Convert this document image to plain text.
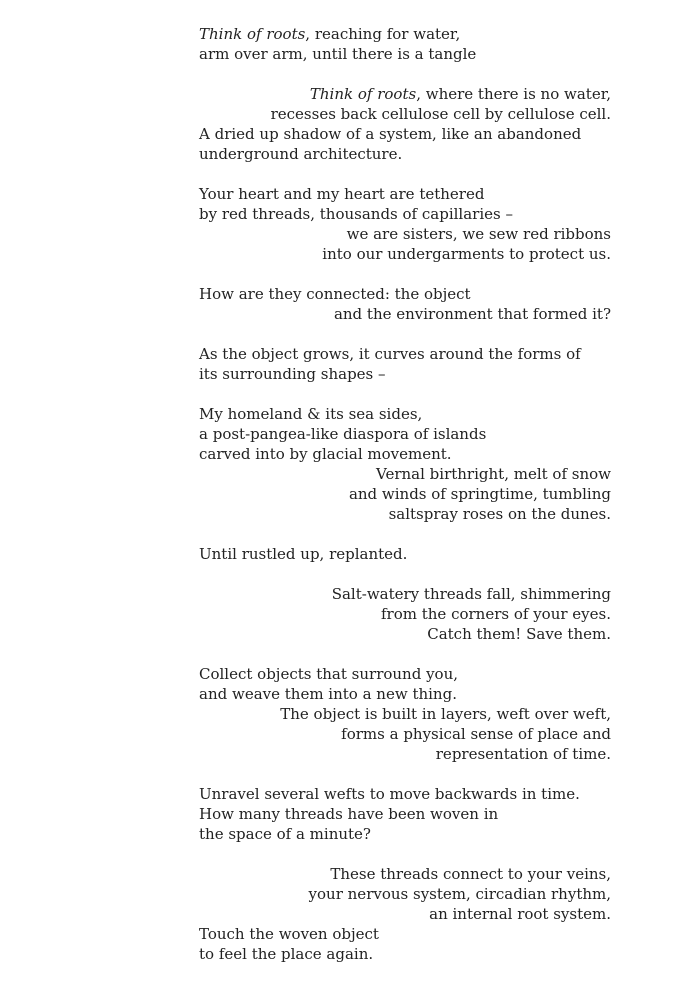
Think of roots, reaching for water,
arm over arm, until there is a tangle
Think of roots, where there is no water,
recesses back cellulose cell by cellulose cell.
A dried up shadow of a system, like an abandoned
underground architecture.
Your heart and my heart are tethered
by red threads, thousands of capillaries –
we are sisters, we sew red ribbons
into our undergarments to protect us.
How are they connected: the object
and the environment that formed it?
As the object grows, it curves around the forms of
its surrounding shapes –
My homeland & its sea sides,
a post-pangea-like diaspora of islands
carved into by glacial movement.
Vernal birthright, melt of snow
and winds of springtime, tumbling
saltspray roses on the dunes.
Until rustled up, replanted.
Salt-watery threads fall, shimmering
from the corners of your eyes.
Catch them! Save them.
Collect objects that surround you,
and weave them into a new thing.
The object is built in layers, weft over weft,
forms a physical sense of place and
representation of time.
Unravel several wefts to move backwards in time.
How many threads have been woven in
the space of a minute?
These threads connect to your veins,
your nervous system, circadian rhythm,
an internal root system.
Touch the woven object
to feel the place again.
